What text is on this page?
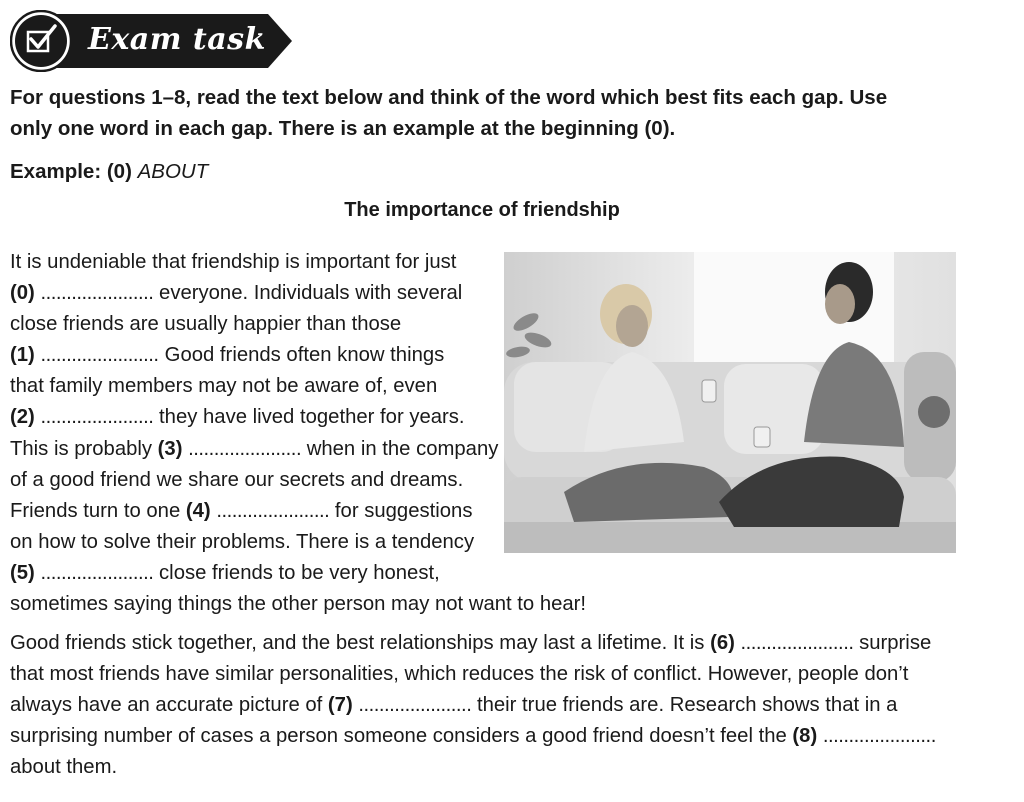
Exam task

For questions 1–8, read the text below and think of the word which best fits each gap. Use
only one word in each gap. There is an example at the beginning (0).

Example: (0) ABOUT

The importance of friendship

It is undeniable that friendship is important for just
(0) ...................... everyone. Individuals with several
close friends are usually happier than those
(1) ....................... Good friends often know things
that family members may not be aware of, even
(2) ...................... they have lived together for years.
This is probably (3) ...................... when in the company
of a good friend we share our secrets and dreams.
Friends turn to one (4) ...................... for suggestions
on how to solve their problems. There is a tendency
(5) ...................... close friends to be very honest,
sometimes saying things the other person may not want to hear!

Good friends stick together, and the best relationships may last a lifetime. It is (6) ...................... surprise
that most friends have similar personalities, which reduces the risk of conflict. However, people don’t
always have an accurate picture of (7) ...................... their true friends are. Research shows that in a
surprising number of cases a person someone considers a good friend doesn’t feel the (8) ......................
about them.
